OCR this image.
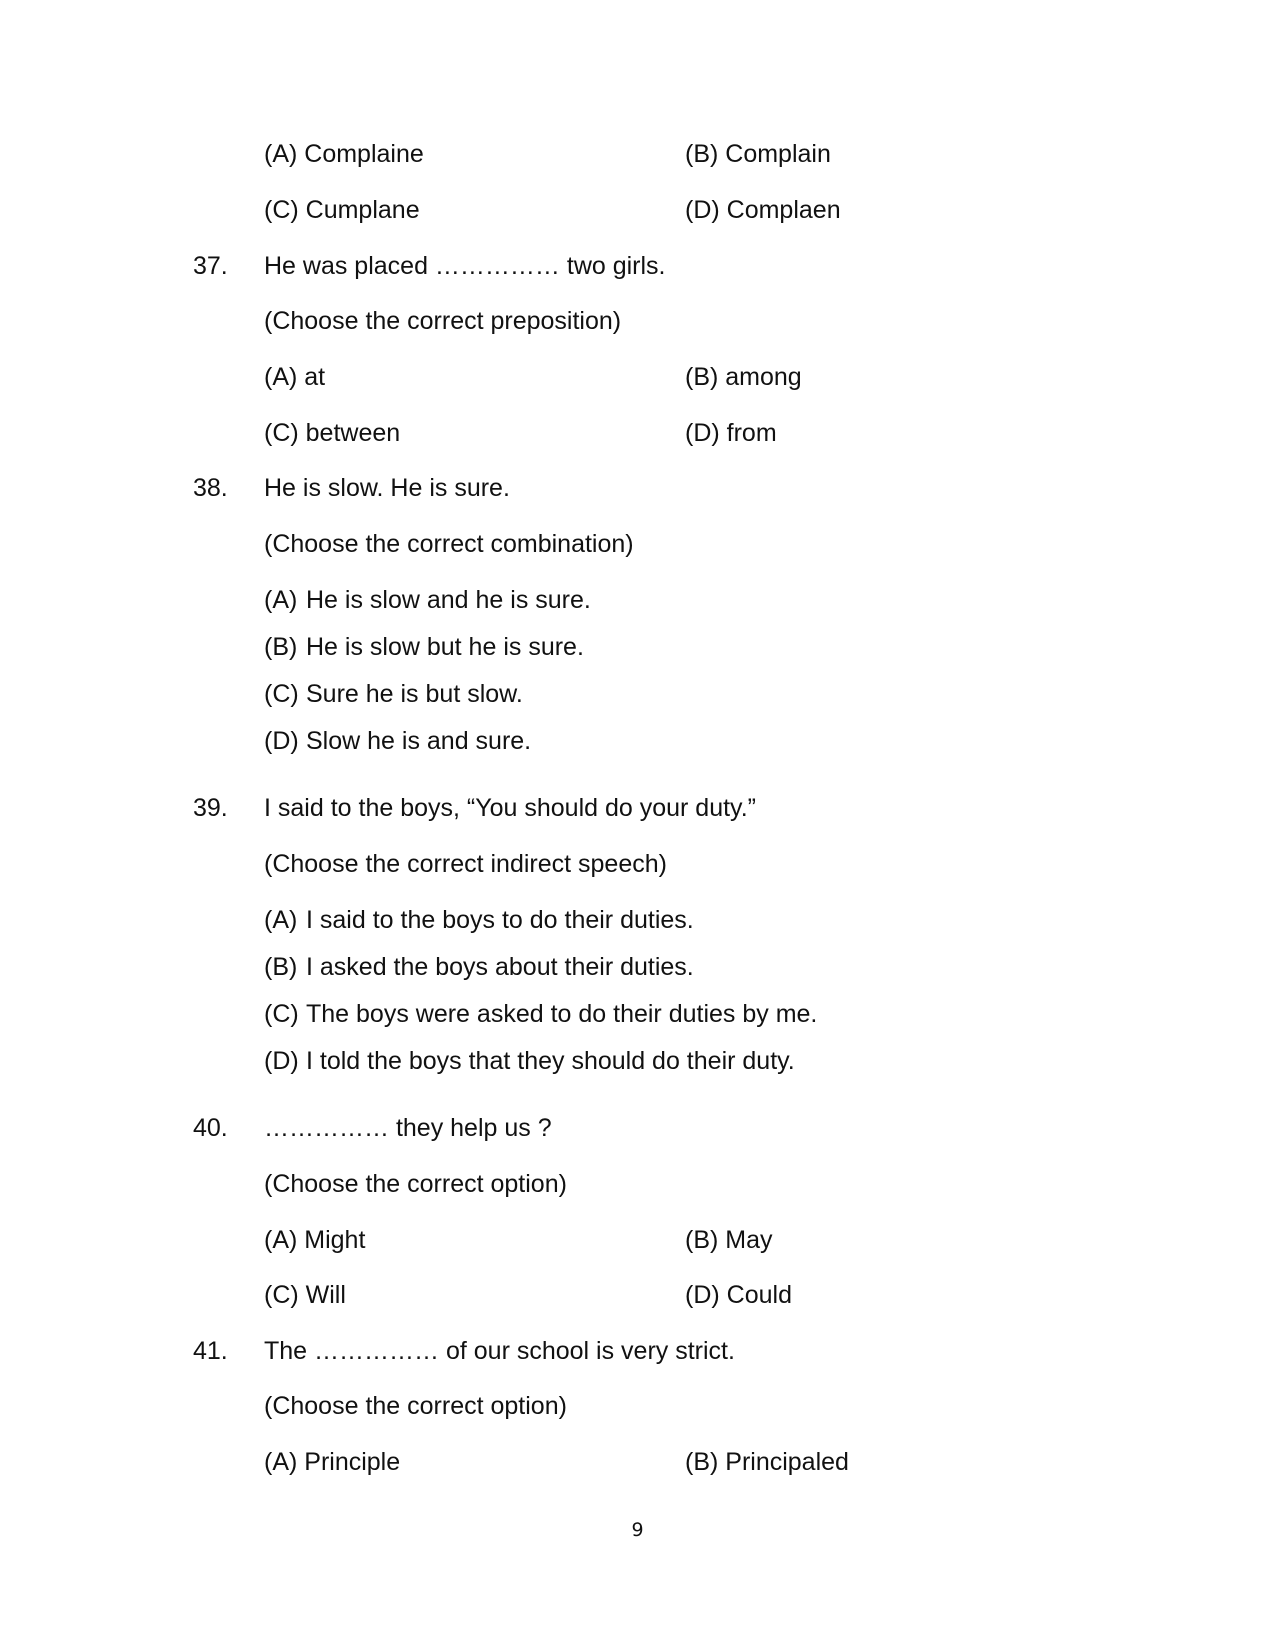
(A) Complaine	(B) Complain
(C) Cumplane	(D) Complaen
37. He was placed …………… two girls.
(Choose the correct preposition)
(A) at	(B) among
(C) between	(D) from
38. He is slow. He is sure.
(Choose the correct combination)
(A) He is slow and he is sure.
(B) He is slow but he is sure.
(C) Sure he is but slow.
(D) Slow he is and sure.
39. I said to the boys, “You should do your duty.”
(Choose the correct indirect speech)
(A) I said to the boys to do their duties.
(B) I asked the boys about their duties.
(C) The boys were asked to do their duties by me.
(D) I told the boys that they should do their duty.
40. …………… they help us ?
(Choose the correct option)
(A) Might	(B) May
(C) Will	(D) Could
41. The …………… of our school is very strict.
(Choose the correct option)
(A) Principle	(B) Principaled
9
